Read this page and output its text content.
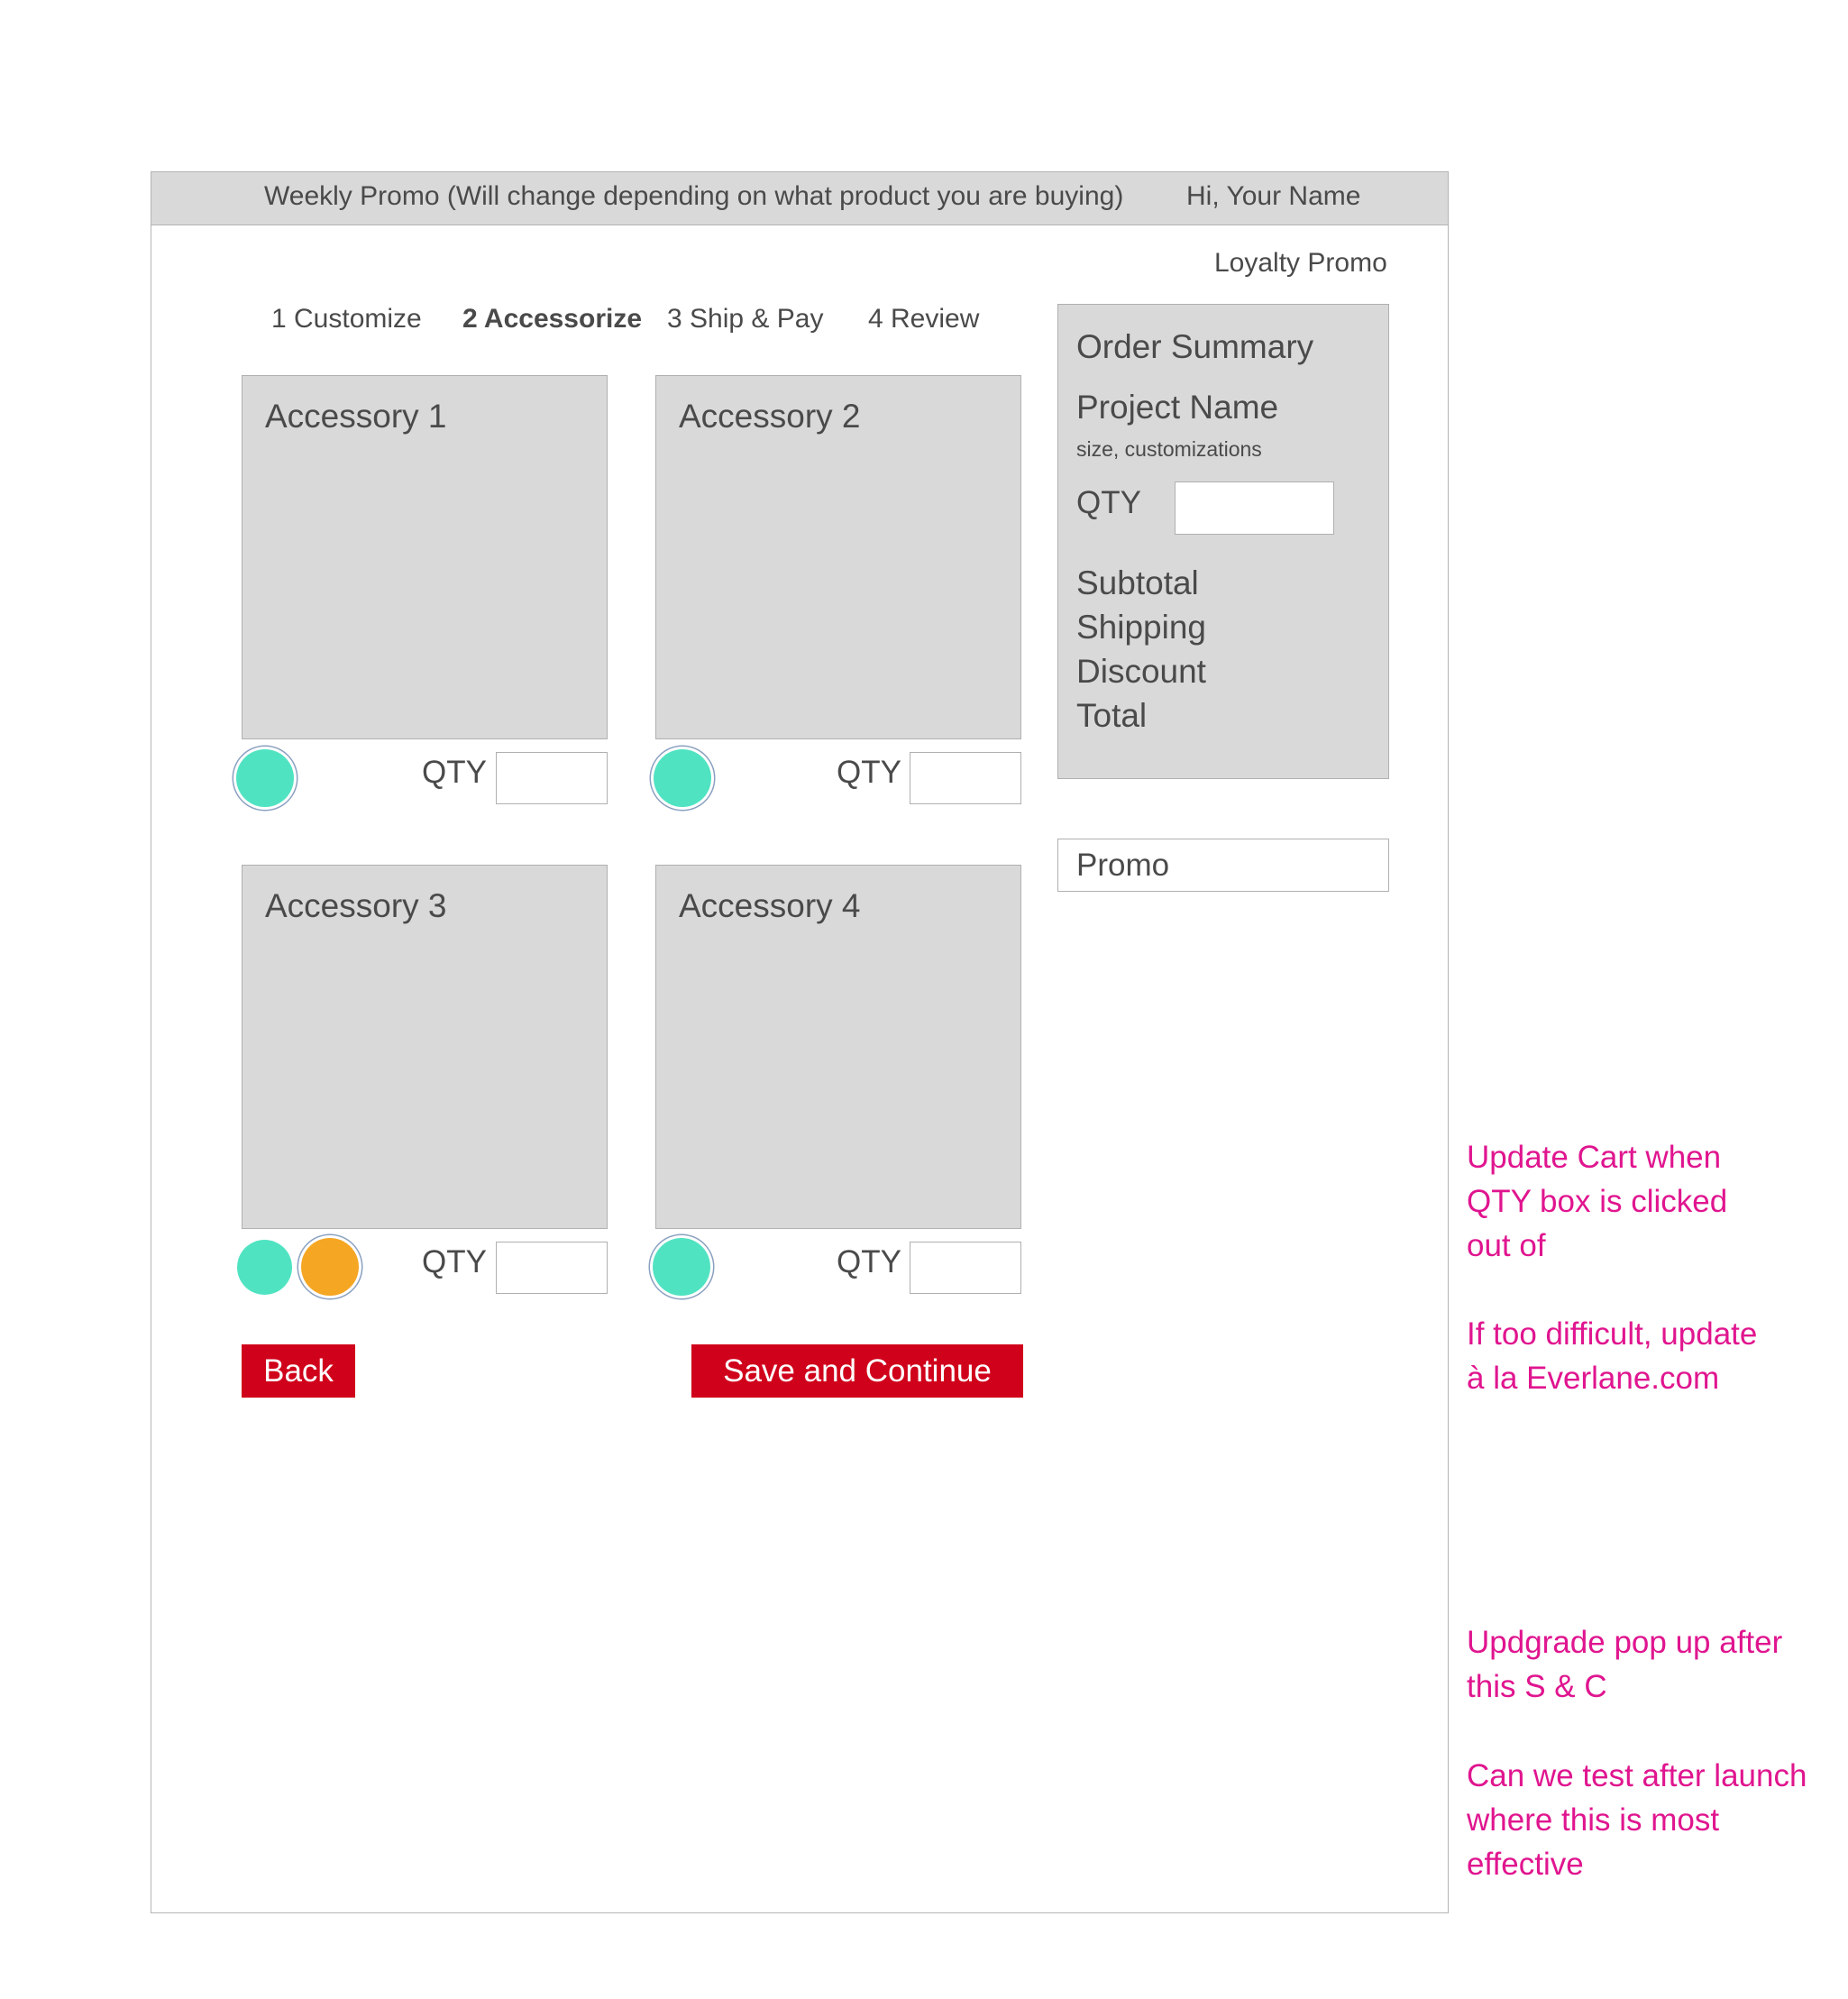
Weekly Promo (Will change depending on what product you are buying) Hi, Your Name
Loyalty Promo
1 Customize 2 Accessorize 3 Ship & Pay 4 Review
Accessory 1
QTY
Accessory 2
QTY
Accessory 3
QTY
Accessory 4
QTY
Order Summary
Project Name
size, customizations
QTY
Subtotal
Shipping
Discount
Total
Promo
Back	Save and Continue
Update Cart when
QTY box is clicked
out of
If too difficult, update
à la Everlane.com
Updgrade pop up after
this S & C
Can we test after launch
where this is most
effective
